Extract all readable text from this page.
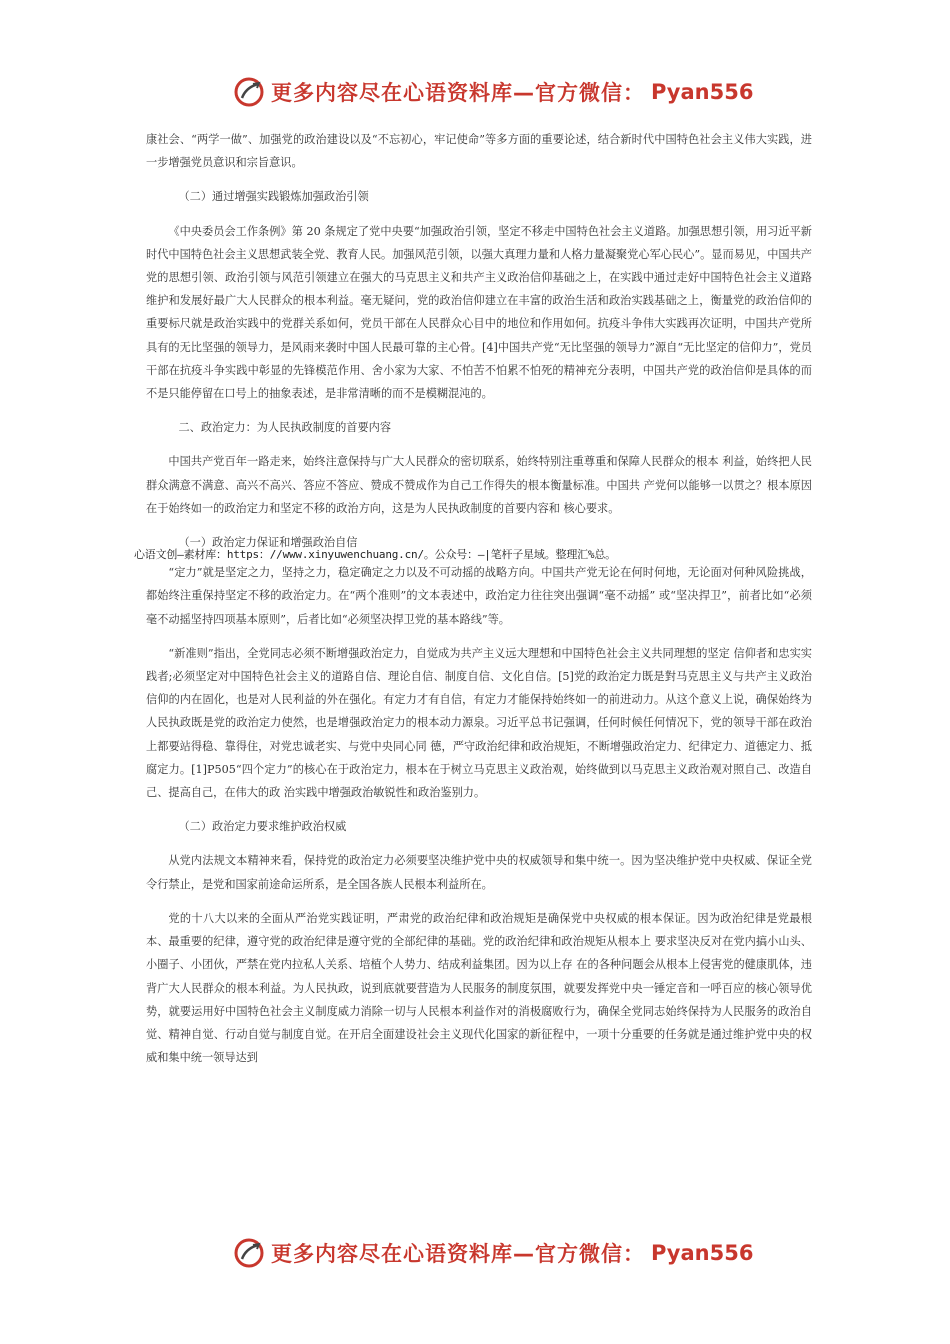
更多内容尽在心语资料库—官方微信： Pyan556

康社会、“两学一做”、加强党的政治建设以及“不忘初心，牢记使命”等多方面的重要论述，结合新时代中国特色社会主义伟大实践，进一步增强党员意识和宗旨意识。

（二）通过增强实践锻炼加强政治引领

《中央委员会工作条例》第 20 条规定了党中央要“加强政治引领，坚定不移走中国特色社会主义道路。加强思想引领，用习近平新时代中国特色社会主义思想武装全党、教育人民。加强风范引领，以强大真理力量和人格力量凝聚党心军心民心”。显而易见，中国共产党的思想引领、政治引领与风范引领建立在强大的马克思主义和共产主义政治信仰基础之上，在实践中通过走好中国特色社会主义道路维护和发展好最广大人民群众的根本利益。毫无疑问，党的政治信仰建立在丰富的政治生活和政治实践基础之上，衡量党的政治信仰的重要标尺就是政治实践中的党群关系如何，党员干部在人民群众心目中的地位和作用如何。抗疫斗争伟大实践再次证明，中国共产党所具有的无比坚强的领导力，是风雨来袭时中国人民最可靠的主心骨。[4]中国共产党“无比坚强的领导力”源自“无比坚定的信仰力”，党员干部在抗疫斗争实践中彰显的先锋模范作用、舍小家为大家、不怕苦不怕累不怕死的精神充分表明，中国共产党的政治信仰是具体的而不是只能停留在口号上的抽象表述，是非常清晰的而不是模糊混沌的。

二、政治定力：为人民执政制度的首要内容

中国共产党百年一路走来，始终注意保持与广大人民群众的密切联系，始终特别注重尊重和保障人民群众的根本 利益，始终把人民群众满意不满意、高兴不高兴、答应不答应、赞成不赞成作为自己工作得失的根本衡量标准。中国共 产党何以能够一以贯之？根本原因在于始终如一的政治定力和坚定不移的政治方向，这是为人民执政制度的首要内容和 核心要求。

（一）政治定力保证和增强政治自信
心语文创—素材库：https：//www.xinyuwenchuang.cn/。公众号：—|笔杆子星域。整理汇%总。

“定力”就是坚定之力，坚持之力，稳定确定之力以及不可动摇的战略方向。中国共产党无论在何时何地，无论面对何种风险挑战，都始终注重保持坚定不移的政治定力。在“两个准则”的文本表述中，政治定力往往突出强调“毫不动摇” 或“坚决捍卫”，前者比如“必须毫不动摇坚持四项基本原则”，后者比如“必须坚决捍卫党的基本路线”等。

“新准则”指出，全党同志必须不断增强政治定力，自觉成为共产主义远大理想和中国特色社会主义共同理想的坚定 信仰者和忠实实践者;必须坚定对中国特色社会主义的道路自信、理论自信、制度自信、文化自信。[5]党的政治定力既是對马克思主义与共产主义政治信仰的内在固化，也是对人民利益的外在强化。有定力才有自信，有定力才能保持始终如一的前进动力。从这个意义上说，确保始终为人民执政既是党的政治定力使然，也是增强政治定力的根本动力源泉。习近平总书记强调，任何时候任何情况下，党的领导干部在政治上都要站得稳、靠得住，对党忠诚老实、与党中央同心同 德，严守政治纪律和政治规矩，不断增强政治定力、纪律定力、道德定力、抵腐定力。[1]P505“四个定力”的核心在于政治定力，根本在于树立马克思主义政治观，始终做到以马克思主义政治观对照自己、改造自己、提高自己，在伟大的政 治实践中增强政治敏锐性和政治鉴别力。

（二）政治定力要求维护政治权威

从党内法规文本精神来看，保持党的政治定力必须要坚决维护党中央的权威领导和集中统一。因为坚决维护党中央权威、保证全党令行禁止，是党和国家前途命运所系，是全国各族人民根本利益所在。

党的十八大以来的全面从严治党实践证明，严肃党的政治纪律和政治规矩是确保党中央权威的根本保证。因为政治纪律是党最根本、最重要的纪律，遵守党的政治纪律是遵守党的全部纪律的基础。党的政治纪律和政治规矩从根本上 要求坚决反对在党内搞小山头、小圈子、小团伙，严禁在党内拉私人关系、培植个人势力、结成利益集团。因为以上存 在的各种问题会从根本上侵害党的健康肌体，违背广大人民群众的根本利益。为人民执政，说到底就要营造为人民服务的制度氛围，就要发挥党中央一锤定音和一呼百应的核心领导优势，就要运用好中国特色社会主义制度威力消除一切与人民根本利益作对的消极腐败行为，确保全党同志始终保持为人民服务的政治自觉、精神自觉、行动自觉与制度自觉。在开启全面建设社会主义现代化国家的新征程中，一项十分重要的任务就是通过维护党中央的权威和集中统一领导达到

更多内容尽在心语资料库—官方微信： Pyan556
